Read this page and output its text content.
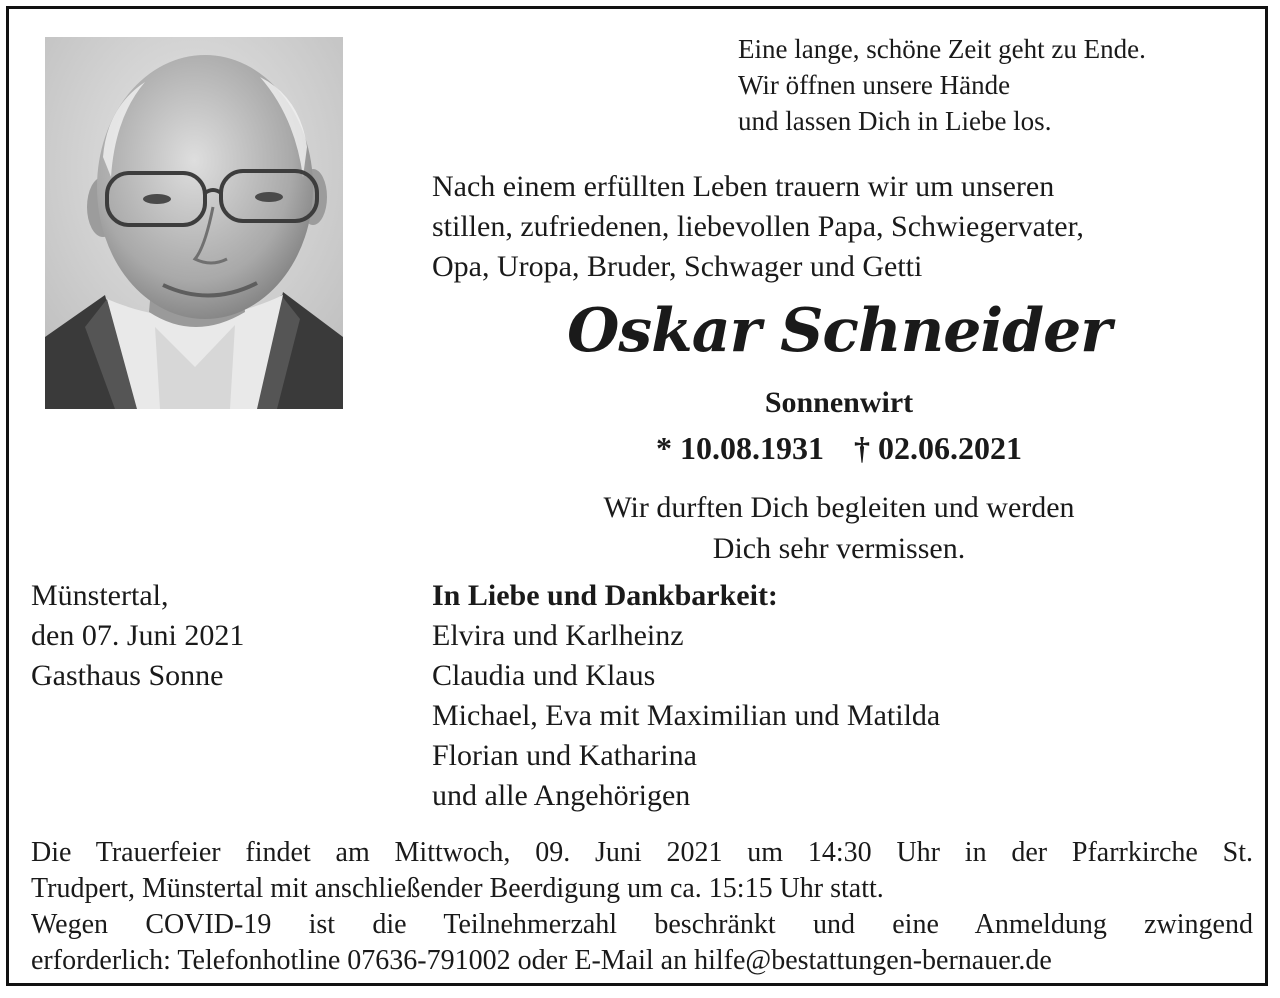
Eine lange, schöne Zeit geht zu Ende.
Wir öffnen unsere Hände
und lassen Dich in Liebe los.
Nach einem erfüllten Leben trauern wir um unseren
stillen, zufriedenen, liebevollen Papa, Schwiegervater,
Opa, Uropa, Bruder, Schwager und Getti
Oskar Schneider
Sonnenwirt
* 10.08.1931 † 02.06.2021
Wir durften Dich begleiten und werden
Dich sehr vermissen.
Münstertal,
den 07. Juni 2021
Gasthaus Sonne
In Liebe und Dankbarkeit:
Elvira und Karlheinz
Claudia und Klaus
Michael, Eva mit Maximilian und Matilda
Florian und Katharina
und alle Angehörigen
Die Trauerfeier findet am Mittwoch, 09. Juni 2021 um 14:30 Uhr in der Pfarrkirche St.
Trudpert, Münstertal mit anschließender Beerdigung um ca. 15:15 Uhr statt.
Wegen COVID-19 ist die Teilnehmerzahl beschränkt und eine Anmeldung zwingend
erforderlich: Telefonhotline 07636-791002 oder E-Mail an hilfe@bestattungen-bernauer.de
